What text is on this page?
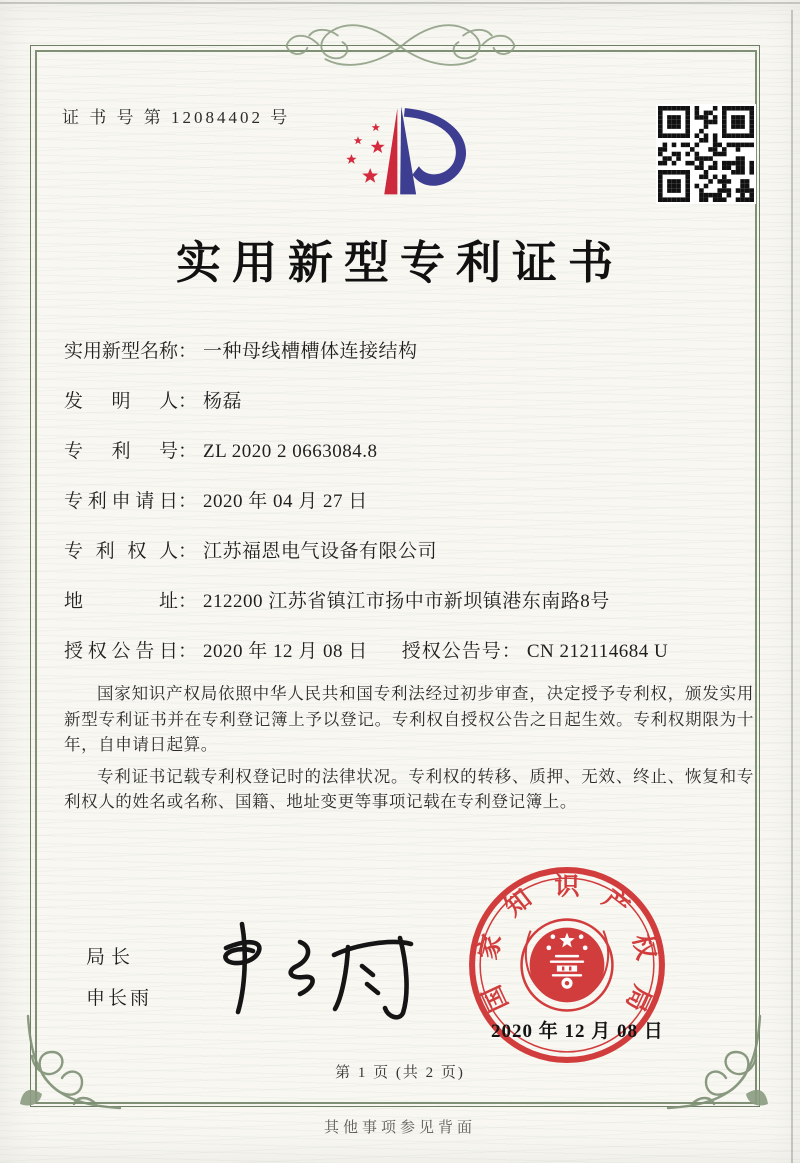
证 书 号 第 12084402 号
实用新型专利证书
实用新型名称： 一种母线槽槽体连接结构
发明人： 杨磊
专利号： ZL 2020 2 0663084.8
专利申请日： 2020 年 04 月 27 日
专利权人： 江苏福恩电气设备有限公司
地址： 212200 江苏省镇江市扬中市新坝镇港东南路8号
授权公告日： 2020 年 12 月 08 日 授权公告号： CN 212114684 U

国家知识产权局依照中华人民共和国专利法经过初步审查，决定授予专利权，颁发实用新型专利证书并在专利登记簿上予以登记。专利权自授权公告之日起生效。专利权期限为十年，自申请日起算。

专利证书记载专利权登记时的法律状况。专利权的转移、质押、无效、终止、恢复和专利权人的姓名或名称、国籍、地址变更等事项记载在专利登记簿上。

局长
申长雨	国
家
知 识 产
权
局
2020 年 12 月 08 日
第 1 页 (共 2 页)
其他事项参见背面
